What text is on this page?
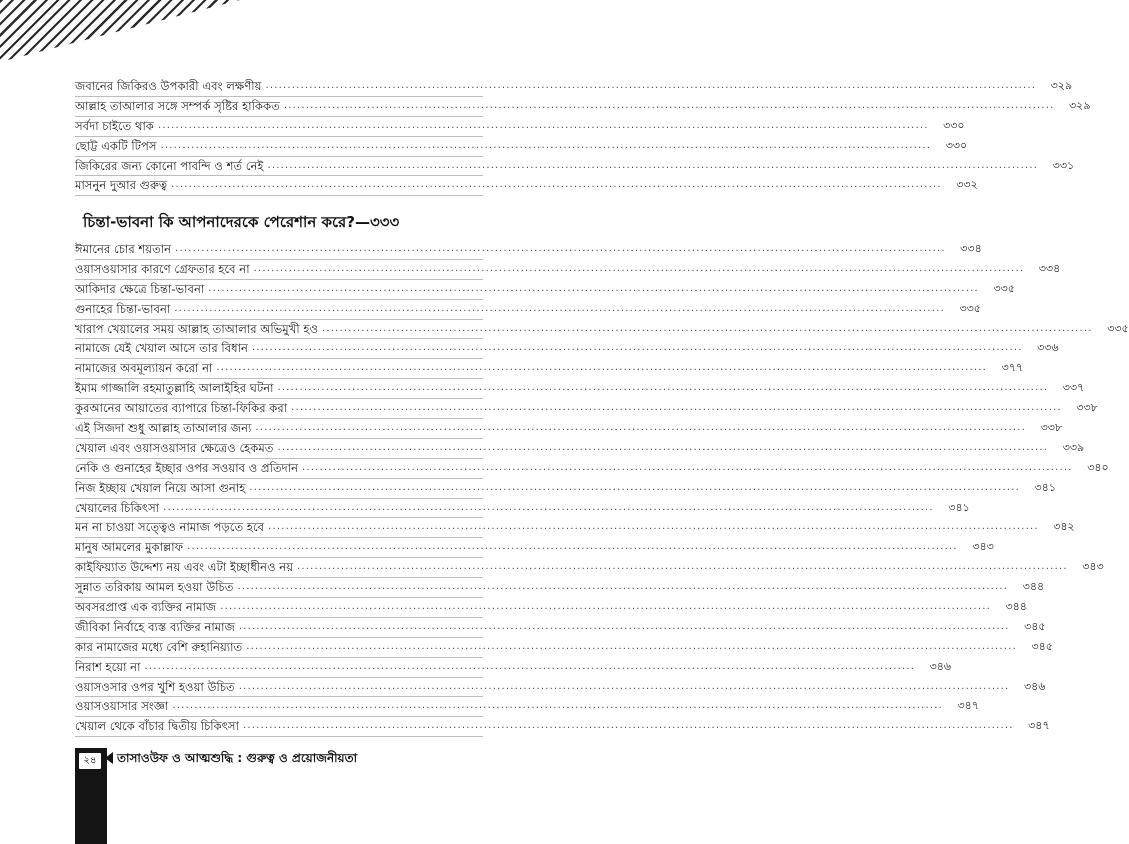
জবানের জিকিরও উপকারী এবং লক্ষণীয় .....	৩২৯
আল্লাহ তাআলার সঙ্গে সম্পর্ক সৃষ্টির হাকিকত .....	৩২৯
সর্বদা চাইতে থাক .....	৩৩০
ছোট্ট একটি টিপস .....	৩৩০
জিকিরের জন্য কোনো পাবন্দি ও শর্ত নেই .....	৩৩১
মাসনুন দুআর গুরুত্ব .....	৩৩২
চিন্তা-ভাবনা কি আপনাদেরকে পেরেশান করে?—৩৩৩
ঈমানের চোর শয়তান .....	৩৩৪
ওয়াসওয়াসার কারণে গ্রেফতার হবে না .....	৩৩৪
আকিদার ক্ষেত্রে চিন্তা-ভাবনা .....	৩৩৫
গুনাহের চিন্তা-ভাবনা .....	৩৩৫
খারাপ খেয়ালের সময় আল্লাহ তাআলার অভিমুখী হও .....	৩৩৫
নামাজে যেই খেয়াল আসে তার বিধান .....	৩৩৬
নামাজের অবমূল্যায়ন করো না .....	৩৭৭
ইমাম গাজ্জালি রহমাতুল্লাহি আলাইহির ঘটনা .....	৩৩৭
কুরআনের আয়াতের ব্যাপারে চিন্তা-ফিকির করা .....	৩৩৮
এই সিজদা শুধু আল্লাহ তাআলার জন্য .....	৩৩৮
খেয়াল এবং ওয়াসওয়াসার ক্ষেত্রেও হেকমত .....	৩৩৯
নেকি ও গুনাহের ইচ্ছার ওপর সওয়াব ও প্রতিদান .....	৩৪০
নিজ ইচ্ছায় খেয়াল নিয়ে আসা গুনাহ .....	৩৪১
খেয়ালের চিকিৎসা .....	৩৪১
মন না চাওয়া সত্ত্বেও নামাজ পড়তে হবে .....	৩৪২
মানুষ আমলের মুকাল্লাফ .....	৩৪৩
কাইফিয়্যাত উদ্দেশ্য নয় এবং এটা ইচ্ছাধীনও নয় .....	৩৪৩
সুন্নাত তরিকায় আমল হওয়া উচিত .....	৩৪৪
অবসরপ্রাপ্ত এক ব্যক্তির নামাজ .....	৩৪৪
জীবিকা নির্বাহে ব্যস্ত ব্যক্তির নামাজ .....	৩৪৫
কার নামাজের মধ্যে বেশি রুহানিয়্যাত .....	৩৪৫
নিরাশ হয়ো না .....	৩৪৬
ওয়াসওসার ওপর খুশি হওয়া উচিত .....	৩৪৬
ওয়াসওয়াসার সংজ্ঞা .....	৩৪৭
খেয়াল থেকে বাঁচার দ্বিতীয় চিকিৎসা .....	৩৪৭
২৪	তাসাওউফ ও আত্মশুদ্ধি : গুরুত্ব ও প্রয়োজনীয়তা
